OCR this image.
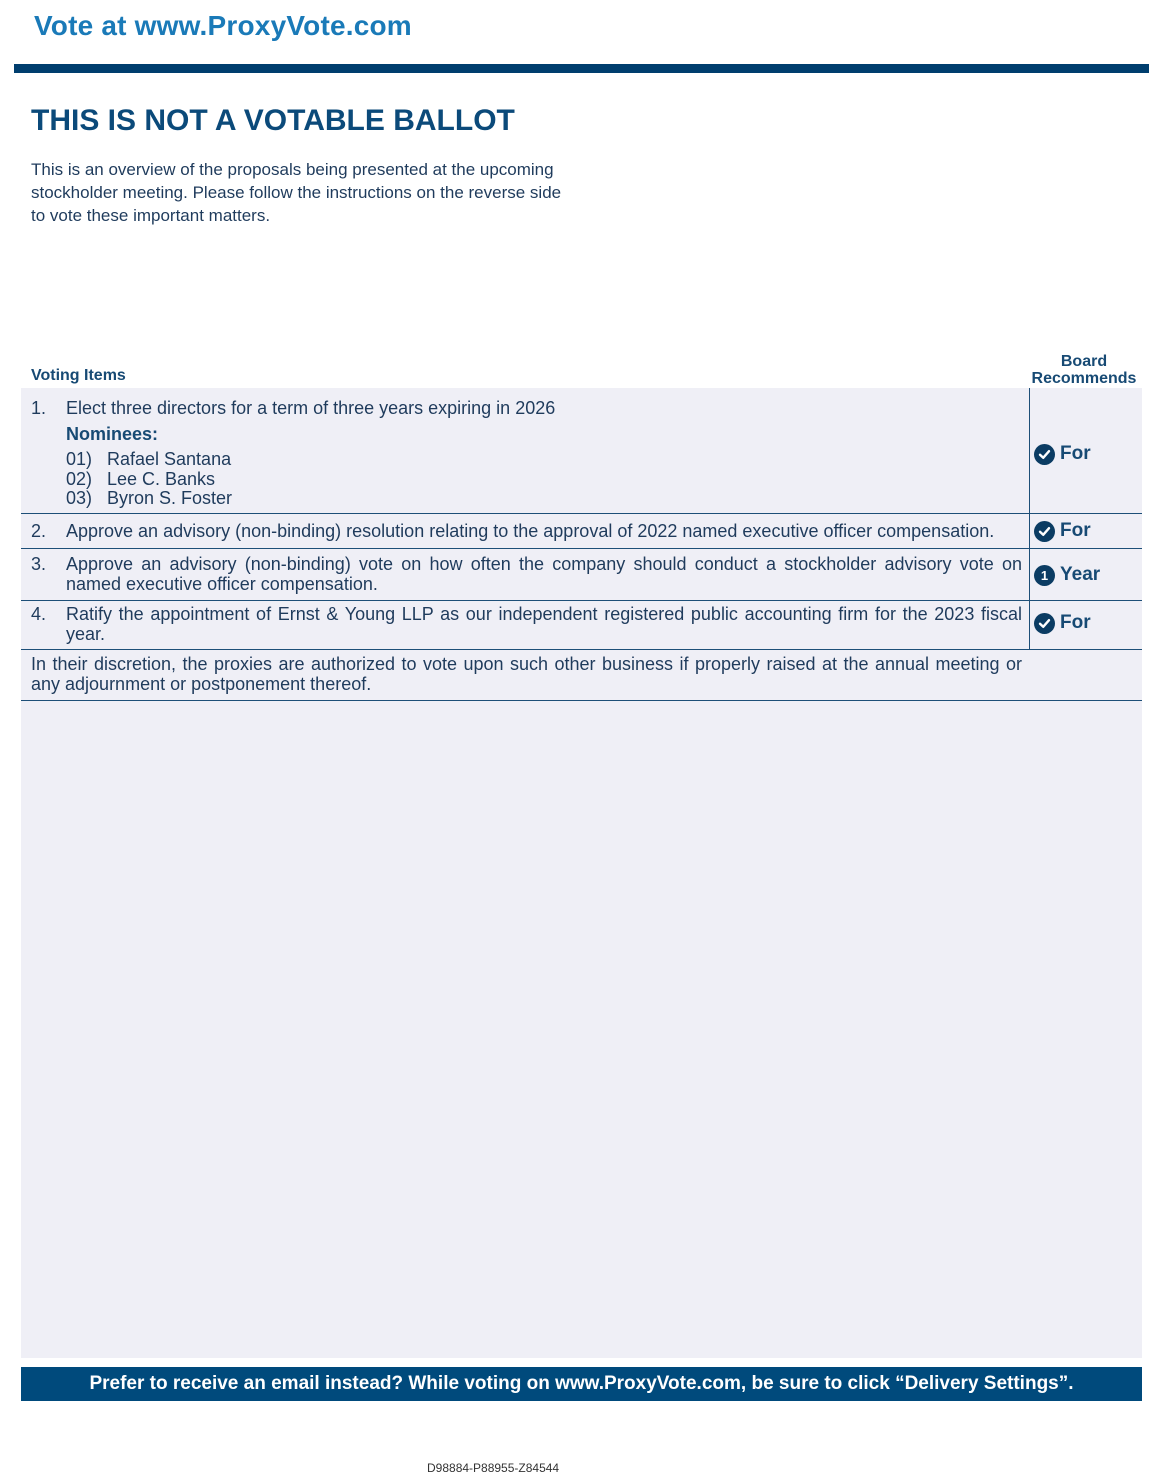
Vote at www.ProxyVote.com
THIS IS NOT A VOTABLE BALLOT
This is an overview of the proposals being presented at the upcoming stockholder meeting. Please follow the instructions on the reverse side to vote these important matters.
Voting Items
Board
Recommends
1. Elect three directors for a term of three years expiring in 2026
Nominees:
01) Rafael Santana
02) Lee C. Banks
03) Byron S. Foster
For
2. Approve an advisory (non-binding) resolution relating to the approval of 2022 named executive officer compensation.	For
3. Approve an advisory (non-binding) vote on how often the company should conduct a stockholder advisory vote on named executive officer compensation.	1 Year
4. Ratify the appointment of Ernst & Young LLP as our independent registered public accounting firm for the 2023 fiscal year.
For
In their discretion, the proxies are authorized to vote upon such other business if properly raised at the annual meeting or any adjournment or postponement thereof.
Prefer to receive an email instead? While voting on www.ProxyVote.com, be sure to click “Delivery Settings”.
D98884-P88955-Z84544
